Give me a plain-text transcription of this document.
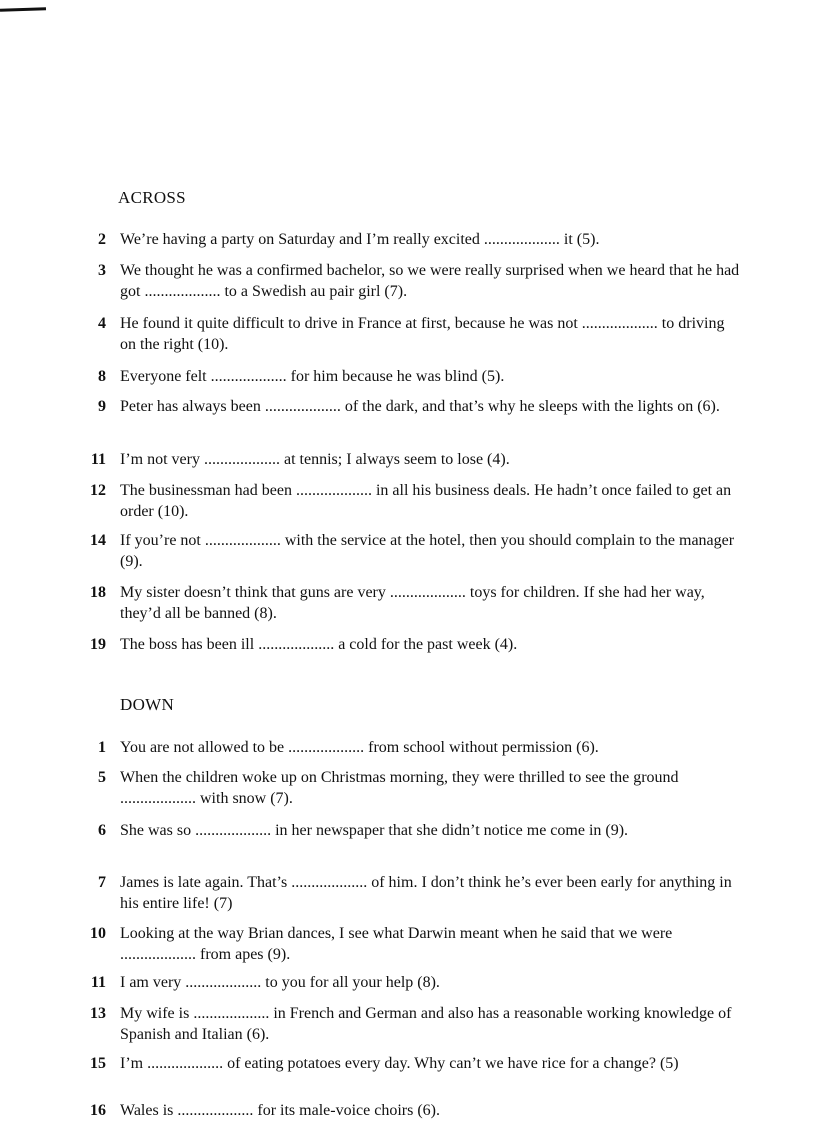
ACROSS
2 We’re having a party on Saturday and I’m really excited ................... it (5).
3 We thought he was a confirmed bachelor, so we were really surprised when we heard that he had got ................... to a Swedish au pair girl (7).
4 He found it quite difficult to drive in France at first, because he was not ................... to driving on the right (10).
8 Everyone felt ................... for him because he was blind (5).
9 Peter has always been ................... of the dark, and that’s why he sleeps with the lights on (6).
11 I’m not very ................... at tennis; I always seem to lose (4).
12 The businessman had been ................... in all his business deals. He hadn’t once failed to get an order (10).
14 If you’re not ................... with the service at the hotel, then you should complain to the manager (9).
18 My sister doesn’t think that guns are very ................... toys for children. If she had her way, they’d all be banned (8).
19 The boss has been ill ................... a cold for the past week (4).
DOWN
1 You are not allowed to be ................... from school without permission (6).
5 When the children woke up on Christmas morning, they were thrilled to see the ground ................... with snow (7).
6 She was so ................... in her newspaper that she didn’t notice me come in (9).
7 James is late again. That’s ................... of him. I don’t think he’s ever been early for anything in his entire life! (7)
10 Looking at the way Brian dances, I see what Darwin meant when he said that we were ................... from apes (9).
11 I am very ................... to you for all your help (8).
13 My wife is ................... in French and German and also has a reasonable working knowledge of Spanish and Italian (6).
15 I’m ................... of eating potatoes every day. Why can’t we have rice for a change? (5)
16 Wales is ................... for its male-voice choirs (6).
